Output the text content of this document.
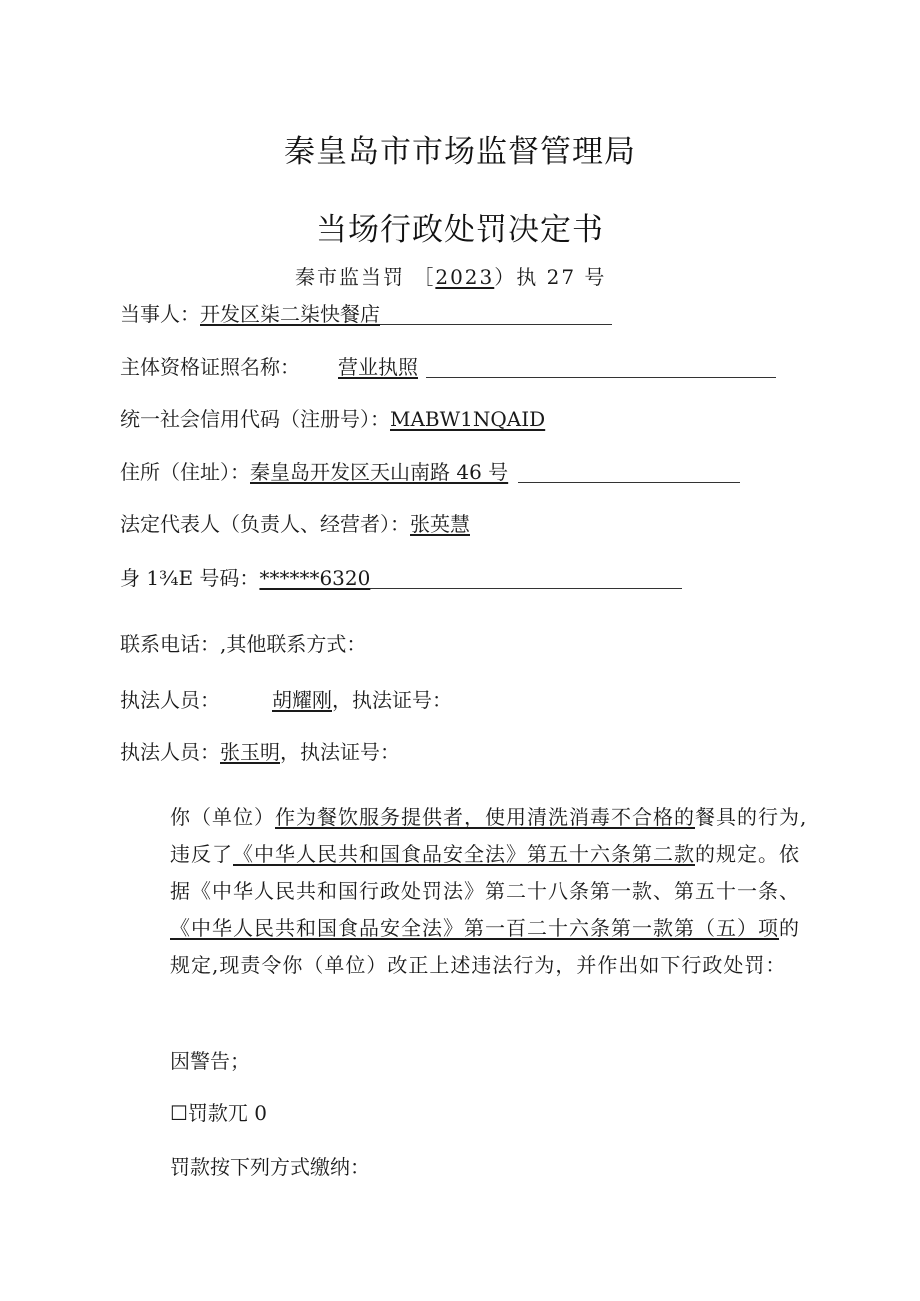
秦皇岛市市场监督管理局
当场行政处罚决定书
秦市监当罚 ［2023）执 27 号
当事人：开发区柒二柒快餐店
主体资格证照名称： 营业执照
统一社会信用代码（注册号）：MABW1NQAID
住所（住址）：秦皇岛开发区天山南路 46 号
法定代表人（负责人、经营者）：张英慧
身 1¾E 号码：******6320
联系电话：,其他联系方式：
执法人员：	胡耀刚，执法证号：
执法人员：张玉明，执法证号：

你（单位）作为餐饮服务提供者，使用清洗消毒不合格的餐具的行为,违反了《中华人民共和国食品安全法》第五十六条第二款的规定。依据《中华人民共和国行政处罚法》第二十八条第一款、第五十一条、《中华人民共和国食品安全法》第一百二十六条第一款第（五）项的规定,现责令你（单位）改正上述违法行为，并作出如下行政处罚：

因警告；
☐罚款兀 0
罚款按下列方式缴纳：
